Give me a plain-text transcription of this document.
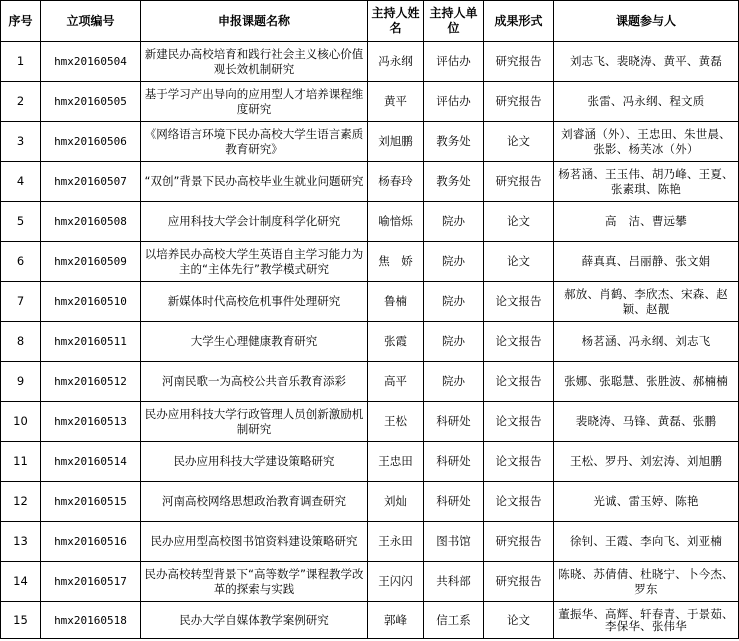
序号	立项编号	申报课题名称	主持人姓名	主持人单位	成果形式	课题参与人
1	hmx20160504	新建民办高校培育和践行社会主义核心价值观长效机制研究	冯永纲	评估办	研究报告	刘志飞、裴晓涛、黄平、黄磊
2	hmx20160505	基于学习产出导向的应用型人才培养课程维度研究	黄平	评估办	研究报告	张雷、冯永纲、程文质
3	hmx20160506	《网络语言环境下民办高校大学生语言素质教育研究》	刘旭鹏	教务处	论文	刘睿涵（外）、王忠田、朱世晨、张影、杨芙冰（外）
4	hmx20160507	“双创”背景下民办高校毕业生就业问题研究	杨春玲	教务处	研究报告	杨茗涵、王玉伟、胡乃峰、王夏、张素琪、陈艳
5	hmx20160508	应用科技大学会计制度科学化研究	喻愔烁	院办	论文	高　洁、曹远攀
6	hmx20160509	以培养民办高校大学生英语自主学习能力为主的“主体先行”教学模式研究	焦　娇	院办	论文	薛真真、吕丽静、张文娟
7	hmx20160510	新媒体时代高校危机事件处理研究	鲁楠	院办	论文报告	郝放、肖鹤、李欣杰、宋森、赵颖、赵靓
8	hmx20160511	大学生心理健康教育研究	张霞	院办	论文报告	杨茗涵、冯永纲、刘志飞
9	hmx20160512	河南民歌一为高校公共音乐教育添彩	高平	院办	论文报告	张娜、张聪慧、张胜波、郝楠楠
10	hmx20160513	民办应用科技大学行政管理人员创新激励机制研究	王松	科研处	论文报告	裴晓涛、马锋、黄磊、张鹏
11	hmx20160514	民办应用科技大学建设策略研究	王忠田	科研处	论文报告	王松、罗丹、刘宏涛、刘旭鹏
12	hmx20160515	河南高校网络思想政治教育调查研究	刘灿	科研处	论文报告	光诚、雷玉婷、陈艳
13	hmx20160516	民办应用型高校图书馆资料建设策略研究	王永田	图书馆	研究报告	徐钊、王霞、李向飞、刘亚楠
14	hmx20160517	民办高校转型背景下“高等数学”课程教学改革的探索与实践	王闪闪	共科部	研究报告	陈晓、苏倩倩、杜晓宁、卜今杰、罗东
15	hmx20160518	民办大学自媒体教学案例研究	郭峰	信工系	论文	董振华、高辉、轩春青、于景茹、李保华、张伟华
